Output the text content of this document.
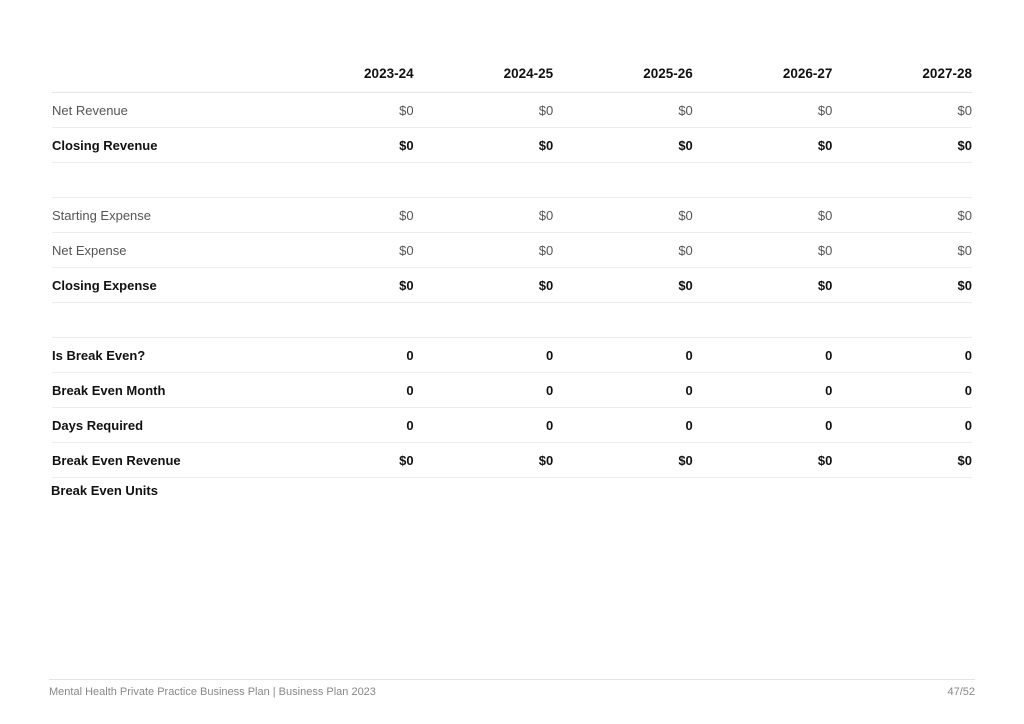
2023-24	2024-25	2025-26	2026-27	2027-28
Net Revenue	$0	$0	$0	$0	$0
Closing Revenue	$0	$0	$0	$0	$0
Starting Expense	$0	$0	$0	$0	$0
Net Expense	$0	$0	$0	$0	$0
Closing Expense	$0	$0	$0	$0	$0
Is Break Even?	0	0	0	0	0
Break Even Month	0	0	0	0	0
Days Required	0	0	0	0	0
Break Even Revenue	$0	$0	$0	$0	$0
Break Even Units
Mental Health Private Practice Business Plan | Business Plan 2023	47/52
